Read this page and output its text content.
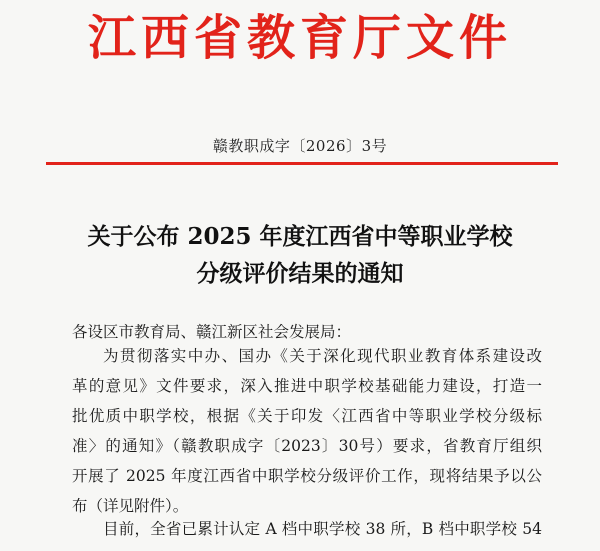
江西省教育厅文件
赣教职成字〔2026〕3号
关于公布 2025 年度江西省中等职业学校
分级评价结果的通知
各设区市教育局、赣江新区社会发展局：
为贯彻落实中办、国办《关于深化现代职业教育体系建设改
革的意见》文件要求，深入推进中职学校基础能力建设，打造一
批优质中职学校，根据《关于印发〈江西省中等职业学校分级标
准〉的通知》（赣教职成字〔2023〕30号）要求，省教育厅组织
开展了 2025 年度江西省中职学校分级评价工作，现将结果予以公
布（详见附件）。
目前，全省已累计认定 A 档中职学校 38 所，B 档中职学校 54
